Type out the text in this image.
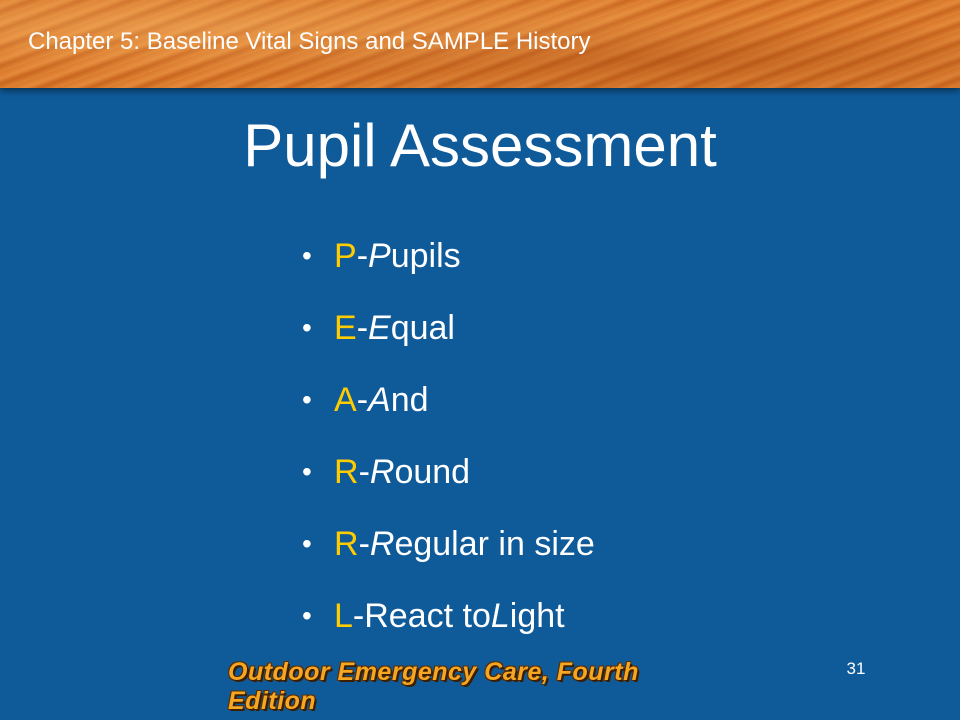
Chapter 5: Baseline Vital Signs and SAMPLE History
Pupil Assessment
• P - P upils
• E - E qual
• A - A nd
• R - R ound
• R - R egular in size
• L - React to L ight
31
Outdoor Emergency Care, Fourth Edition
